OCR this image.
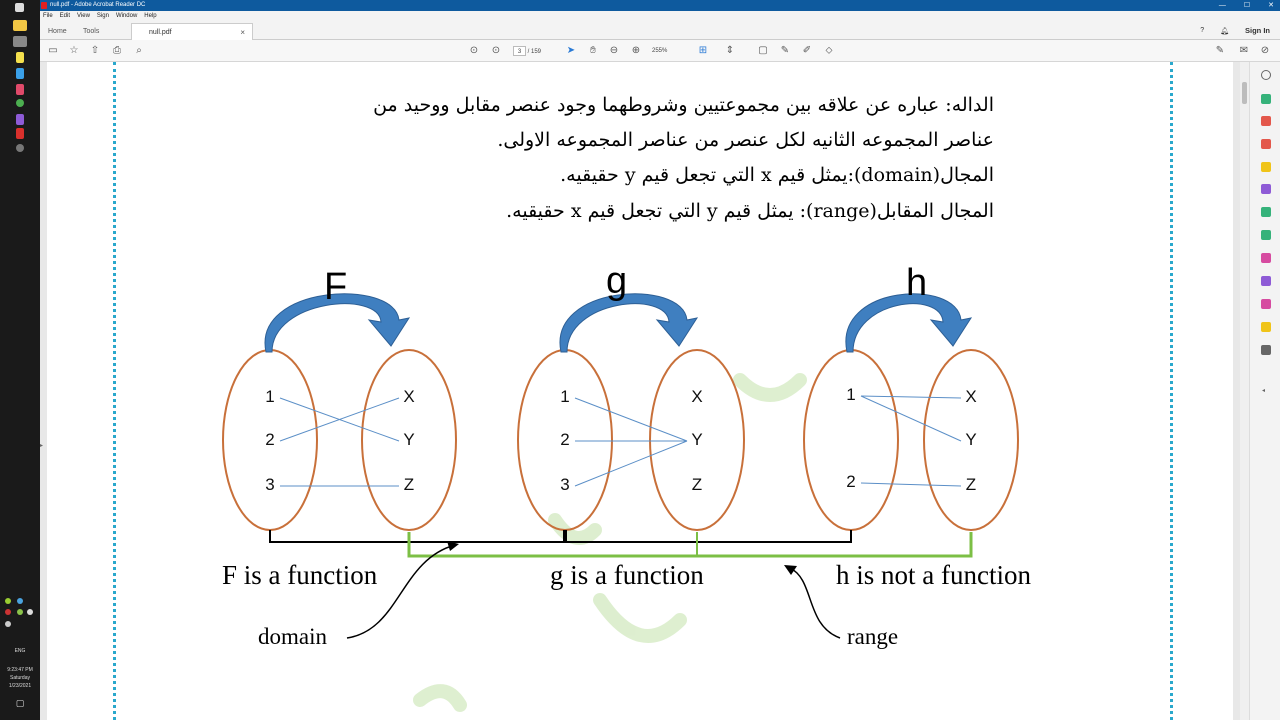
ENG
9:23:47 PM
Saturday
1/23/2021
▢
null.pdf - Adobe Acrobat Reader DC	—	☐	✕
File Edit View Sign Window Help
Home Tools	null.pdf	×	? 🔔︎ Sign In
▭ ☆ ⇧	⎙	⌕	⊙ ⊙	3 / 159	➤	✋︎	⊖ ⊕	255%	⊞ ⇕ ▢ ✎ ✐	⬦	✎ ✉ ⊘
▸
◂
الداله: عباره عن علاقه بين مجموعتيين وشروطهما وجود عنصر مقابل ووحيد من
عناصر المجموعه الثانيه لكل عنصر من عناصر المجموعه الاولى.
المجال(domain):يمثل قيم x التي تجعل قيم y حقيقيه.
المجال المقابل(range): يمثل قيم y التي تجعل قيم x حقيقيه.
1
2
3
X
Y
Z
F
F is a function
1
2
3
X
Y
Z
g
g is a function
1
2
X
Y
Z
h
h is not a function
domain	range
